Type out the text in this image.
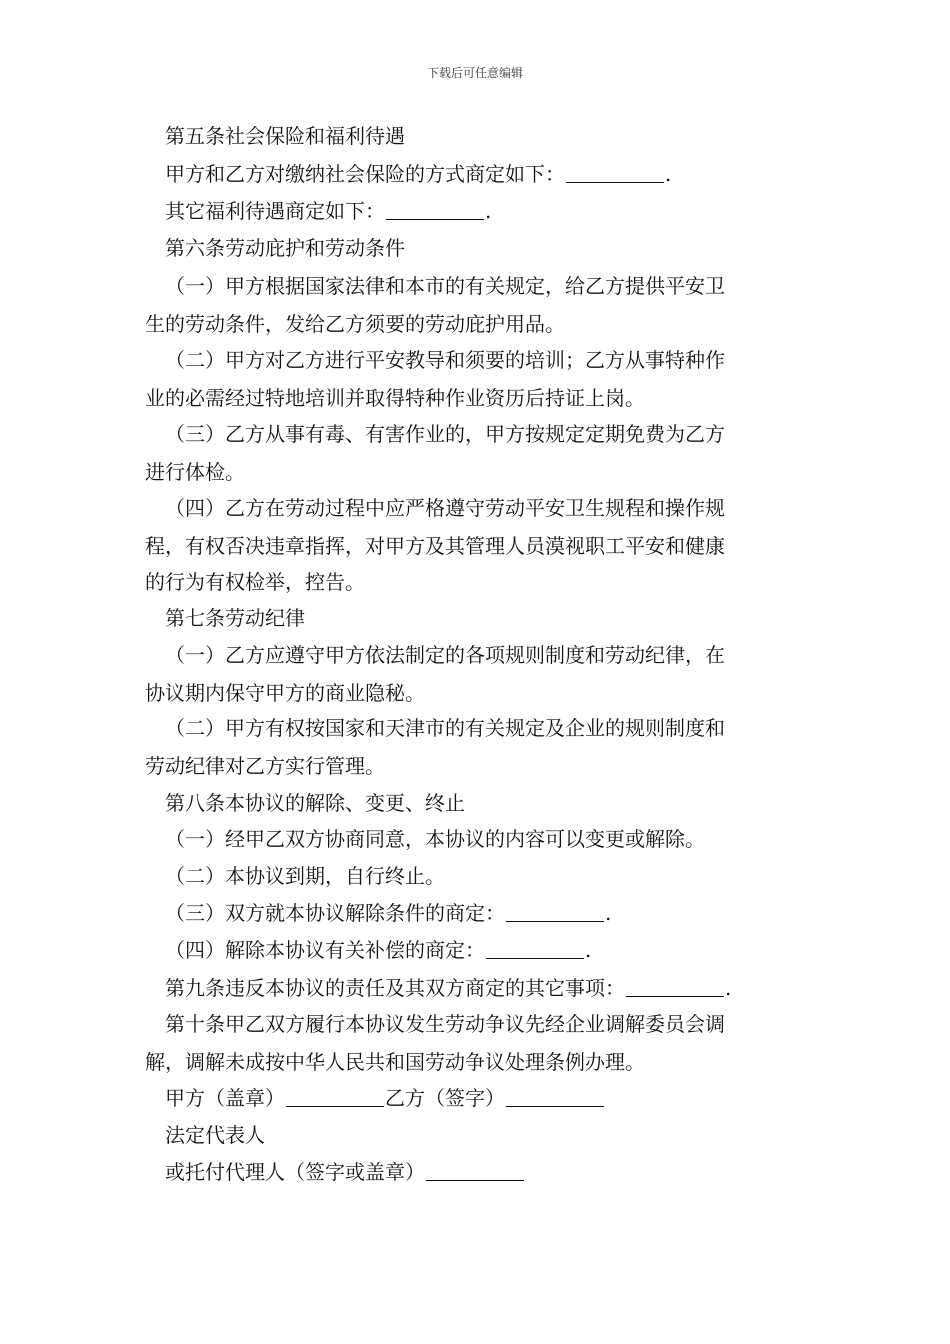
下载后可任意编辑
第五条社会保险和福利待遇
甲方和乙方对缴纳社会保险的方式商定如下：	.
其它福利待遇商定如下：	.
第六条劳动庇护和劳动条件
（一）甲方根据国家法律和本市的有关规定，给乙方提供平安卫
生的劳动条件，发给乙方须要的劳动庇护用品。
（二）甲方对乙方进行平安教导和须要的培训；乙方从事特种作
业的必需经过特地培训并取得特种作业资历后持证上岗。
（三）乙方从事有毒、有害作业的，甲方按规定定期免费为乙方
进行体检。
（四）乙方在劳动过程中应严格遵守劳动平安卫生规程和操作规
程，有权否决违章指挥，对甲方及其管理人员漠视职工平安和健康
的行为有权检举，控告。
第七条劳动纪律
（一）乙方应遵守甲方依法制定的各项规则制度和劳动纪律，在
协议期内保守甲方的商业隐秘。
（二）甲方有权按国家和天津市的有关规定及企业的规则制度和
劳动纪律对乙方实行管理。
第八条本协议的解除、变更、终止
（一）经甲乙双方协商同意，本协议的内容可以变更或解除。
（二）本协议到期，自行终止。
（三）双方就本协议解除条件的商定：	.
（四）解除本协议有关补偿的商定：	.
第九条违反本协议的责任及其双方商定的其它事项：	.
第十条甲乙双方履行本协议发生劳动争议先经企业调解委员会调
解，调解未成按中华人民共和国劳动争议处理条例办理。
甲方（盖章）	乙方（签字）
法定代表人
或托付代理人（签字或盖章）
